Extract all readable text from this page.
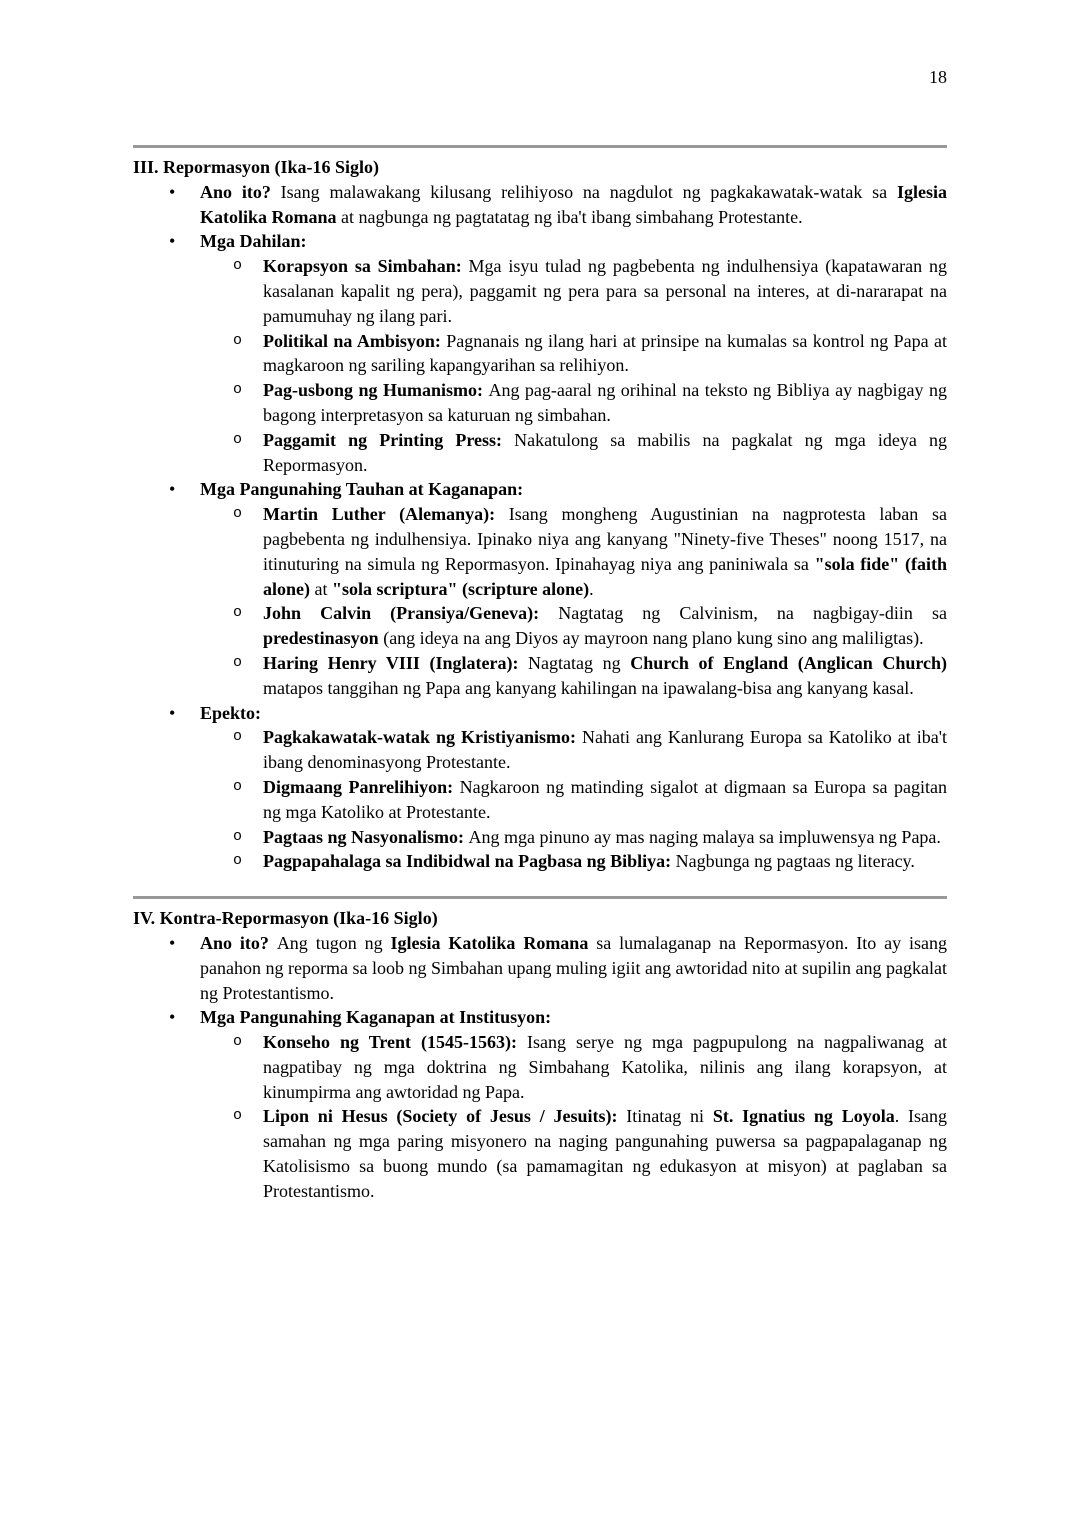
18
III. Repormasyon (Ika-16 Siglo)
• Ano ito? Isang malawakang kilusang relihiyoso na nagdulot ng pagkakawatak-watak sa Iglesia Katolika Romana at nagbunga ng pagtatatag ng iba't ibang simbahang Protestante.
• Mga Dahilan:
o Korapsyon sa Simbahan: Mga isyu tulad ng pagbebenta ng indulhensiya (kapatawaran ng kasalanan kapalit ng pera), paggamit ng pera para sa personal na interes, at di-nararapat na pamumuhay ng ilang pari.
o Politikal na Ambisyon: Pagnanais ng ilang hari at prinsipe na kumalas sa kontrol ng Papa at magkaroon ng sariling kapangyarihan sa relihiyon.
o Pag-usbong ng Humanismo: Ang pag-aaral ng orihinal na teksto ng Bibliya ay nagbigay ng bagong interpretasyon sa katuruan ng simbahan.
o Paggamit ng Printing Press: Nakatulong sa mabilis na pagkalat ng mga ideya ng Repormasyon.
• Mga Pangunahing Tauhan at Kaganapan:
o Martin Luther (Alemanya): Isang mongheng Augustinian na nagprotesta laban sa pagbebenta ng indulhensiya. Ipinako niya ang kanyang "Ninety-five Theses" noong 1517, na itinuturing na simula ng Repormasyon. Ipinahayag niya ang paniniwala sa "sola fide" (faith alone) at "sola scriptura" (scripture alone).
o John Calvin (Pransiya/Geneva): Nagtatag ng Calvinism, na nagbigay-diin sa predestinasyon (ang ideya na ang Diyos ay mayroon nang plano kung sino ang maliligtas).
o Haring Henry VIII (Inglatera): Nagtatag ng Church of England (Anglican Church) matapos tanggihan ng Papa ang kanyang kahilingan na ipawalang-bisa ang kanyang kasal.
• Epekto:
o Pagkakawatak-watak ng Kristiyanismo: Nahati ang Kanlurang Europa sa Katoliko at iba't ibang denominasyong Protestante.
o Digmaang Panrelihiyon: Nagkaroon ng matinding sigalot at digmaan sa Europa sa pagitan ng mga Katoliko at Protestante.
o Pagtaas ng Nasyonalismo: Ang mga pinuno ay mas naging malaya sa impluwensya ng Papa.
o Pagpapahalaga sa Indibidwal na Pagbasa ng Bibliya: Nagbunga ng pagtaas ng literacy.
IV. Kontra-Repormasyon (Ika-16 Siglo)
• Ano ito? Ang tugon ng Iglesia Katolika Romana sa lumalaganap na Repormasyon. Ito ay isang panahon ng reporma sa loob ng Simbahan upang muling igiit ang awtoridad nito at supilin ang pagkalat ng Protestantismo.
• Mga Pangunahing Kaganapan at Institusyon:
o Konseho ng Trent (1545-1563): Isang serye ng mga pagpupulong na nagpaliwanag at nagpatibay ng mga doktrina ng Simbahang Katolika, nilinis ang ilang korapsyon, at kinumpirma ang awtoridad ng Papa.
o Lipon ni Hesus (Society of Jesus / Jesuits): Itinatag ni St. Ignatius ng Loyola. Isang samahan ng mga paring misyonero na naging pangunahing puwersa sa pagpapalaganap ng Katolisismo sa buong mundo (sa pamamagitan ng edukasyon at misyon) at paglaban sa Protestantismo.
